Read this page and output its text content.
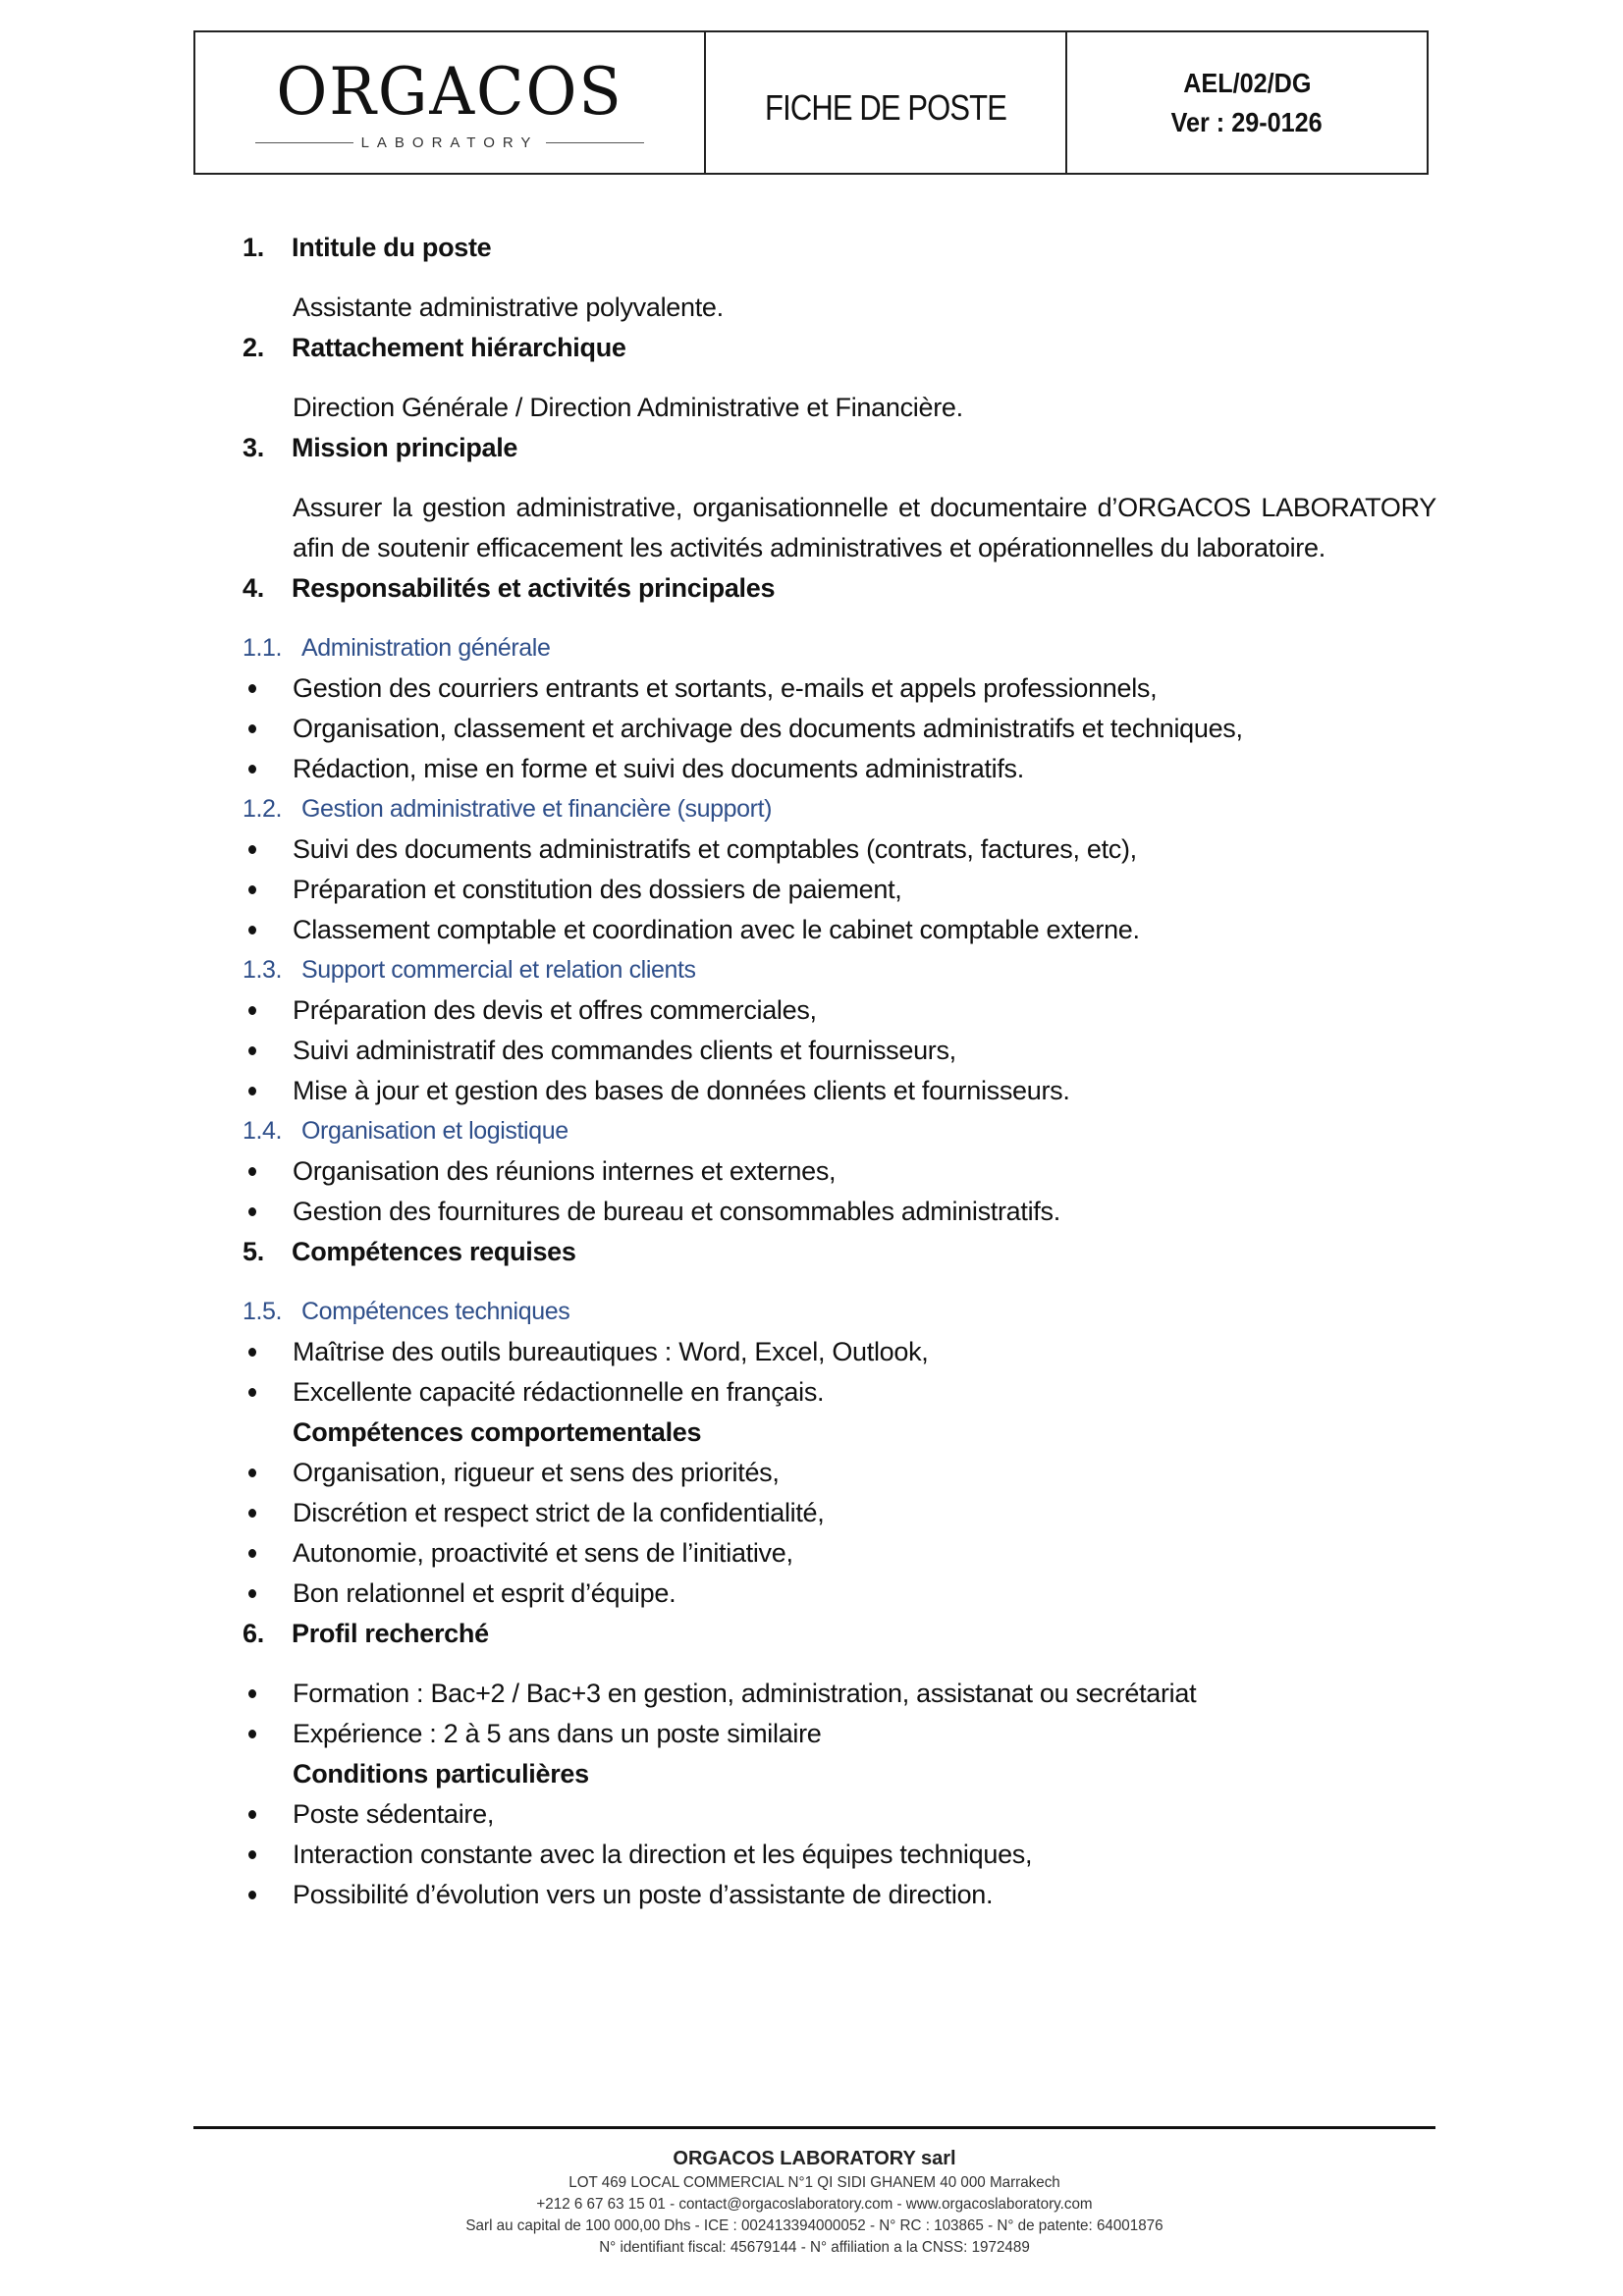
ORGACOS
LABORATORY
FICHE DE POSTE
AEL/02/DG
Ver : 29-0126
1. Intitule du poste
Assistante administrative polyvalente.
2. Rattachement hiérarchique
Direction Générale / Direction Administrative et Financière.
3. Mission principale
Assurer la gestion administrative, organisationnelle et documentaire d’ORGACOS LABORATORY afin de soutenir efficacement les activités administratives et opérationnelles du laboratoire.
4. Responsabilités et activités principales
1.1. Administration générale
Gestion des courriers entrants et sortants, e-mails et appels professionnels,
Organisation, classement et archivage des documents administratifs et techniques,
Rédaction, mise en forme et suivi des documents administratifs.
1.2. Gestion administrative et financière (support)
Suivi des documents administratifs et comptables (contrats, factures, etc),
Préparation et constitution des dossiers de paiement,
Classement comptable et coordination avec le cabinet comptable externe.
1.3. Support commercial et relation clients
Préparation des devis et offres commerciales,
Suivi administratif des commandes clients et fournisseurs,
Mise à jour et gestion des bases de données clients et fournisseurs.
1.4. Organisation et logistique
Organisation des réunions internes et externes,
Gestion des fournitures de bureau et consommables administratifs.
5. Compétences requises
1.5. Compétences techniques
Maîtrise des outils bureautiques : Word, Excel, Outlook,
Excellente capacité rédactionnelle en français.
Compétences comportementales
Organisation, rigueur et sens des priorités,
Discrétion et respect strict de la confidentialité,
Autonomie, proactivité et sens de l’initiative,
Bon relationnel et esprit d’équipe.
6. Profil recherché
Formation : Bac+2 / Bac+3 en gestion, administration, assistanat ou secrétariat
Expérience : 2 à 5 ans dans un poste similaire
Conditions particulières
Poste sédentaire,
Interaction constante avec la direction et les équipes techniques,
Possibilité d’évolution vers un poste d’assistante de direction.
ORGACOS LABORATORY sarl
LOT 469 LOCAL COMMERCIAL N°1 QI SIDI GHANEM 40 000 Marrakech
+212 6 67 63 15 01 - contact@orgacoslaboratory.com - www.orgacoslaboratory.com
Sarl au capital de 100 000,00 Dhs - ICE : 002413394000052 - N° RC : 103865 - N° de patente: 64001876
N° identifiant fiscal: 45679144 - N° affiliation a la CNSS: 1972489
